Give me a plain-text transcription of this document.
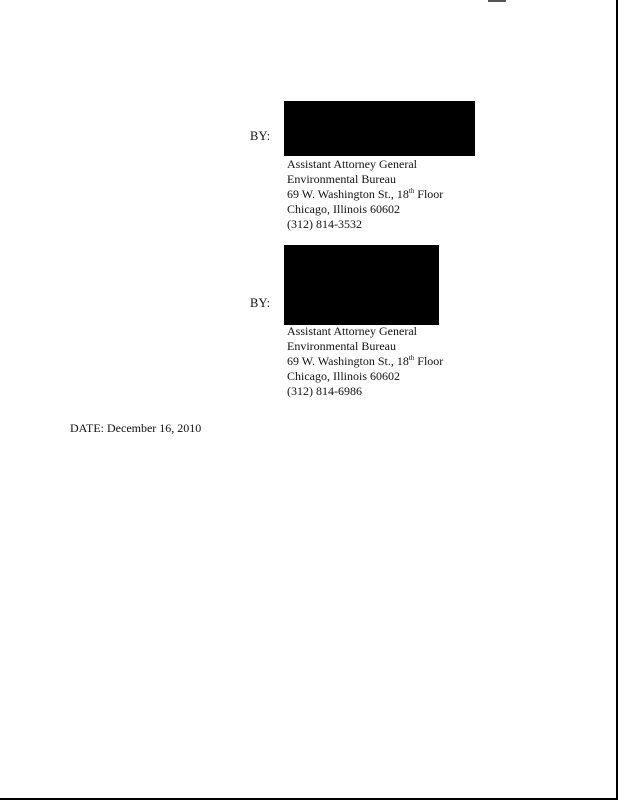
BY:
Assistant Attorney General
Environmental Bureau
69 W. Washington St., 18th Floor
Chicago, Illinois 60602
(312) 814-3532
BY:
Assistant Attorney General
Environmental Bureau
69 W. Washington St., 18th Floor
Chicago, Illinois 60602
(312) 814-6986
DATE: December 16, 2010
